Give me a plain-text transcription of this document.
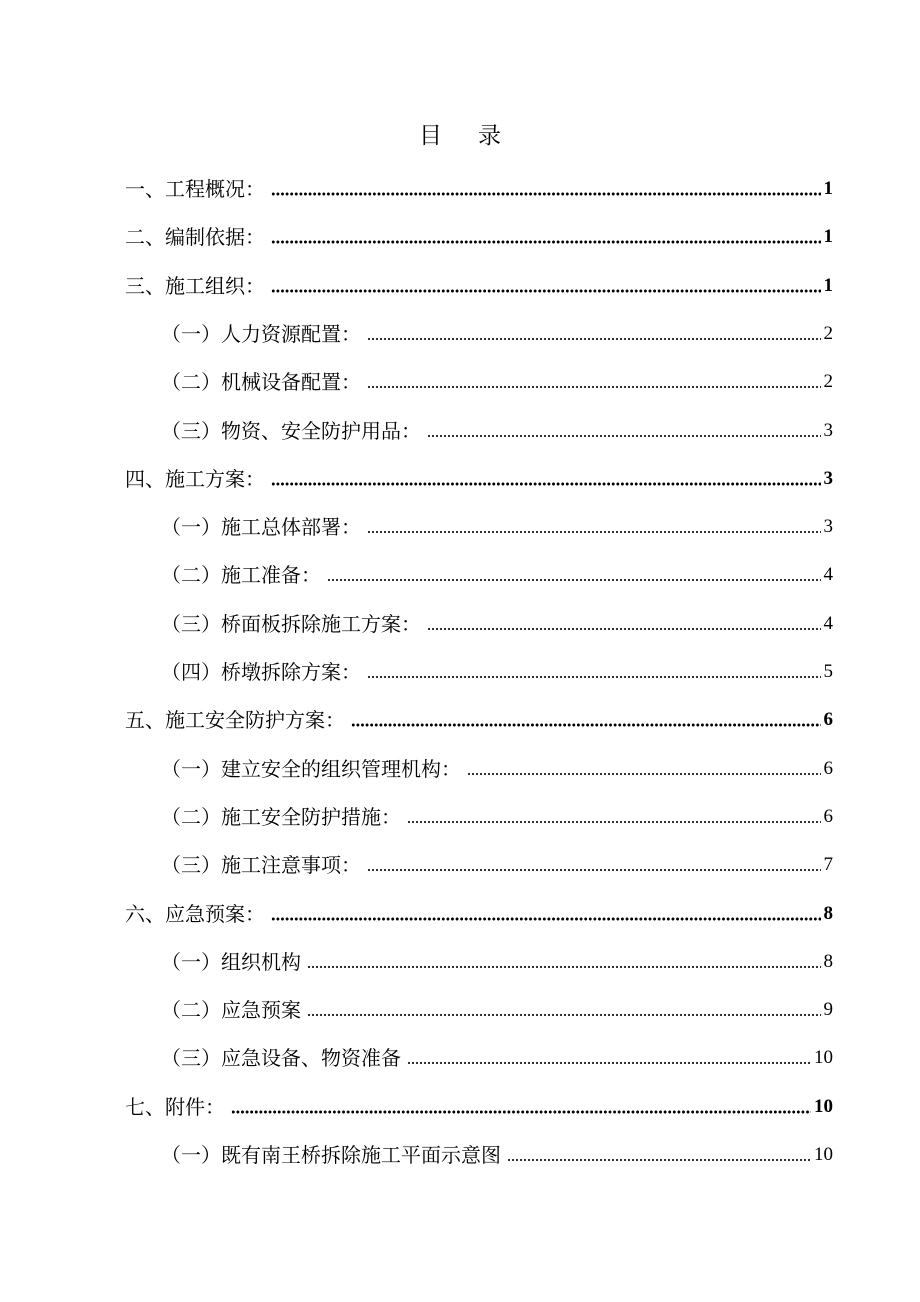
目 录
一、工程概况：	1
二、编制依据：	1
三、施工组织：	1
（一）人力资源配置：	2
（二）机械设备配置：	2
（三）物资、安全防护用品：	3
四、施工方案：	3
（一）施工总体部署：	3
（二）施工准备：	4
（三）桥面板拆除施工方案：	4
（四）桥墩拆除方案：	5
五、施工安全防护方案：	6
（一）建立安全的组织管理机构：	6
（二）施工安全防护措施：	6
（三）施工注意事项：	7
六、应急预案：	8
（一）组织机构	8
（二）应急预案	9
（三）应急设备、物资准备	10
七、附件：	10
（一）既有南王桥拆除施工平面示意图	10
